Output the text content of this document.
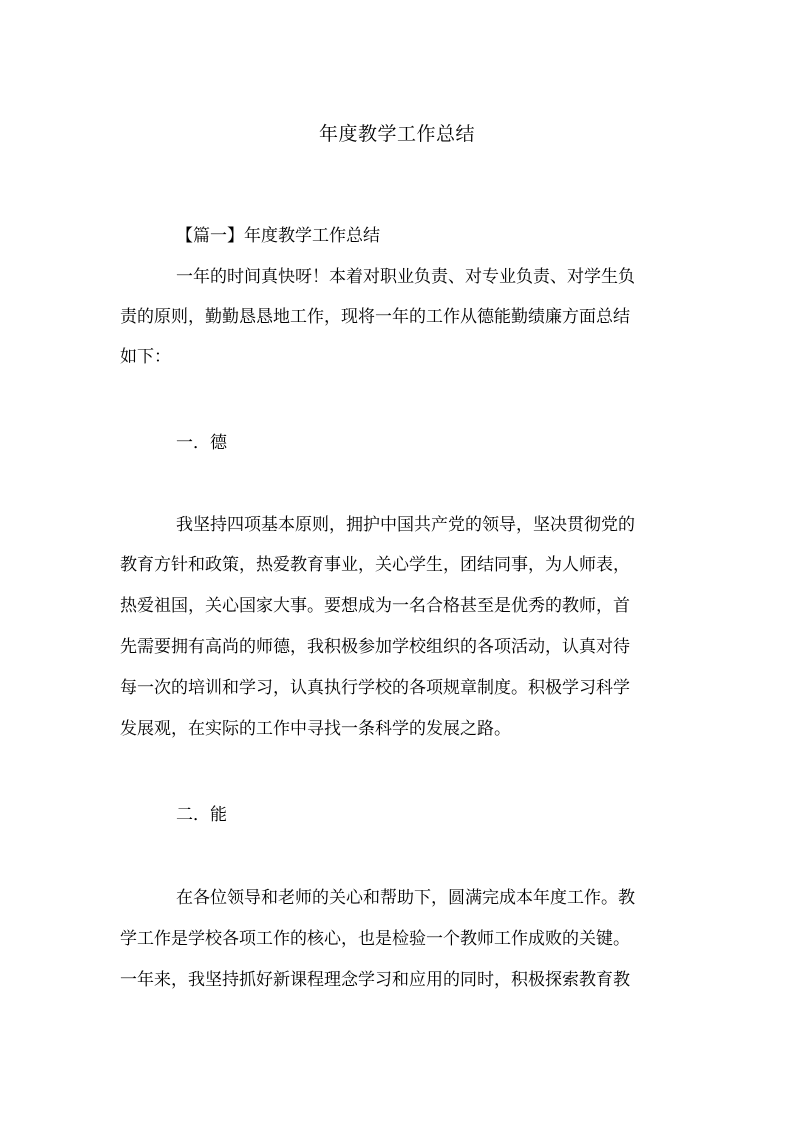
年度教学工作总结
【篇一】年度教学工作总结
一年的时间真快呀！本着对职业负责、对专业负责、对学生负
责的原则，勤勤恳恳地工作，现将一年的工作从德能勤绩廉方面总结
如下：
一．德
我坚持四项基本原则，拥护中国共产党的领导，坚决贯彻党的
教育方针和政策，热爱教育事业，关心学生，团结同事，为人师表，
热爱祖国，关心国家大事。要想成为一名合格甚至是优秀的教师，首
先需要拥有高尚的师德，我积极参加学校组织的各项活动，认真对待
每一次的培训和学习，认真执行学校的各项规章制度。积极学习科学
发展观，在实际的工作中寻找一条科学的发展之路。
二．能
在各位领导和老师的关心和帮助下，圆满完成本年度工作。教
学工作是学校各项工作的核心，也是检验一个教师工作成败的关键。
一年来，我坚持抓好新课程理念学习和应用的同时，积极探索教育教
